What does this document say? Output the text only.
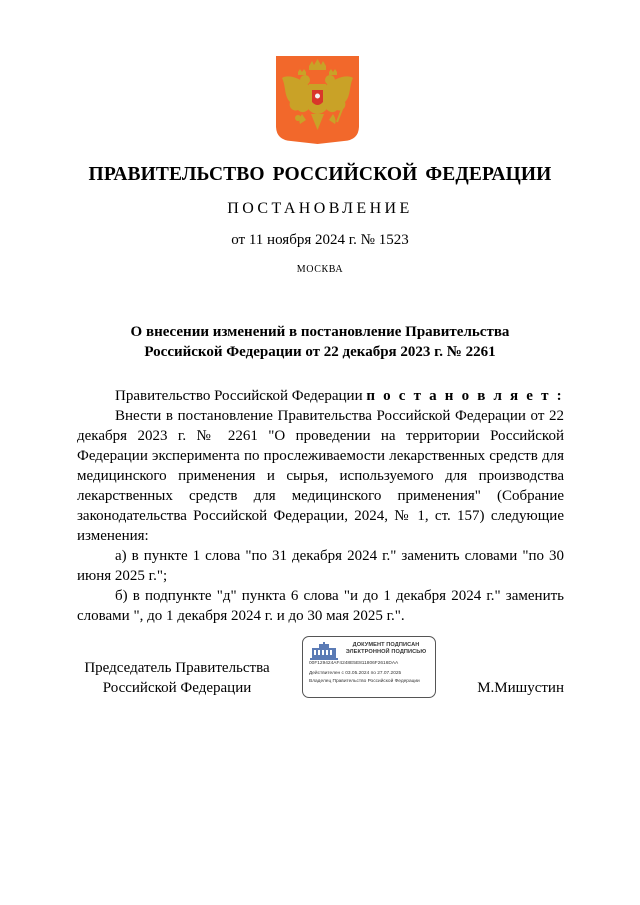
ПРАВИТЕЛЬСТВО РОССИЙСКОЙ ФЕДЕРАЦИИ
ПОСТАНОВЛЕНИЕ
от 11 ноября 2024 г. № 1523
МОСКВА
О внесении изменений в постановление Правительства
Российской Федерации от 22 декабря 2023 г. № 2261

Правительство Российской Федерации п о с т а н о в л я е т :

Внести в постановление Правительства Российской Федерации от 22 декабря 2023 г. № 2261 "О проведении на территории Российской Федерации эксперимента по прослеживаемости лекарственных средств для медицинского применения и сырья, используемого для производства лекарственных средств для медицинского применения" (Собрание законодательства Российской Федерации, 2024, № 1, ст. 157) следующие изменения:

а) в пункте 1 слова "по 31 декабря 2024 г." заменить словами "по 30 июня 2025 г.";

б) в подпункте "д" пункта 6 слова "и до 1 декабря 2024 г." заменить словами ", до 1 декабря 2024 г. и до 30 мая 2025 г.".

Председатель Правительства
Российской Федерации
ДОКУМЕНТ ПОДПИСАН
ЭЛЕКТРОННОЙ ПОДПИСЬЮ
00F129424AF4248E5E811806F2616DAA
Действителен с 03.05.2024 по 27.07.2025
Владелец Правительство Российской Федерации	М.Мишустин
